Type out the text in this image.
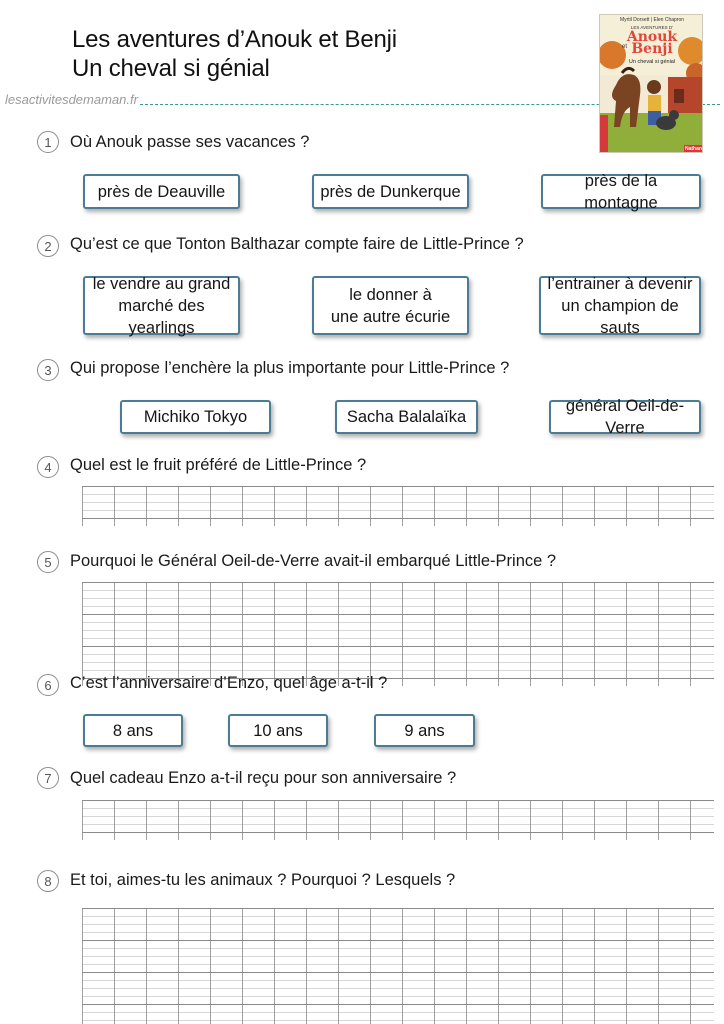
Les aventures d’Anouk et Benji
Un cheval si génial
lesactivitesdemaman.fr
Myrtil Dorsett | Elen Chapron
LES AVENTURES D’
Anouk
et Benji
Un cheval si génial
Nathan
1	Où Anouk passe ses vacances ?
près de Deauville	près de Dunkerque
près de la montagne
2	Qu’est ce que Tonton Balthazar compte faire de Little-Prince ?
le vendre au grand
marché des yearlings
le donner à
une autre écurie
l’entrainer à devenir
un champion de sauts
3	Qui propose l’enchère la plus importante pour Little-Prince ?
Michiko Tokyo	Sacha Balalaïka
général Oeil-de-Verre
4	Quel est le fruit préféré de Little-Prince ?
5	Pourquoi le Général Oeil-de-Verre avait-il embarqué Little-Prince ?
6	C’est l’anniversaire d’Enzo, quel âge a-t-il ?
8 ans	10 ans	9 ans
7	Quel cadeau Enzo a-t-il reçu pour son anniversaire ?
8	Et toi, aimes-tu les animaux ? Pourquoi ? Lesquels ?
